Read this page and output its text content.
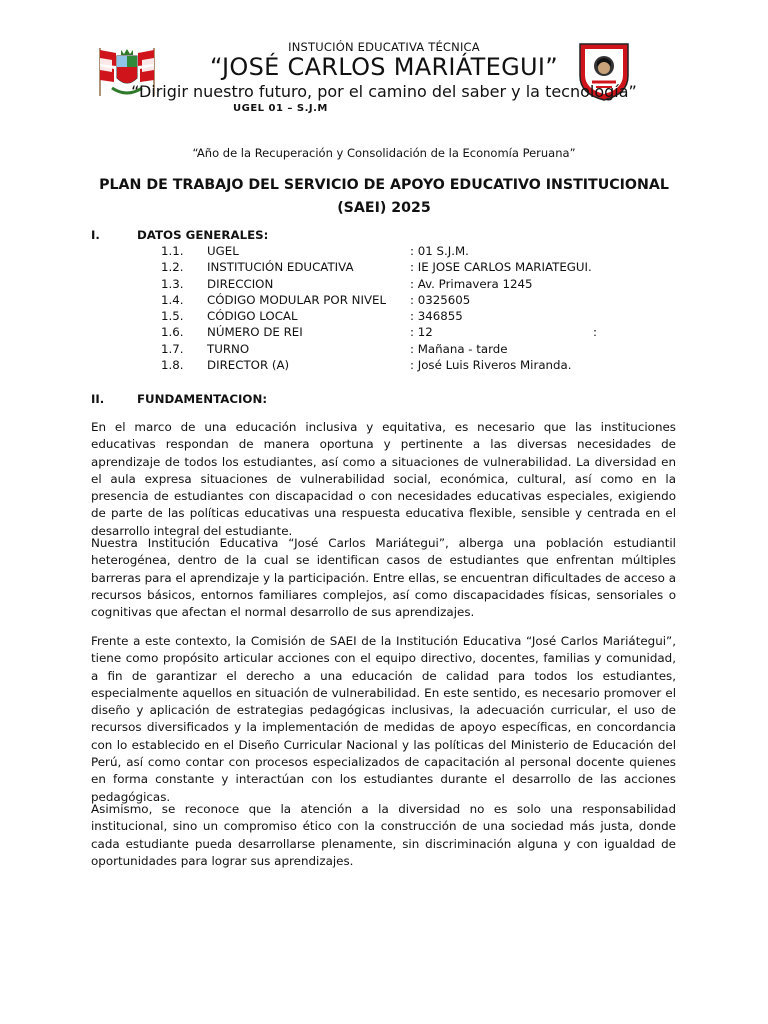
INSTUCIÓN EDUCATIVA TÉCNICA
“JOSÉ CARLOS MARIÁTEGUI”
“Dirigir nuestro futuro, por el camino del saber y la tecnología”
UGEL 01 – S.J.M
“Año de la Recuperación y Consolidación de la Economía Peruana”
PLAN DE TRABAJO DEL SERVICIO DE APOYO EDUCATIVO INSTITUCIONAL
(SAEI) 2025
I.	DATOS GENERALES:
1.1. UGEL	: 01 S.J.M.
1.2. INSTITUCIÓN EDUCATIVA	: IE JOSE CARLOS MARIATEGUI.
1.3. DIRECCION	: Av. Primavera 1245
1.4. CÓDIGO MODULAR POR NIVEL : 0325605
1.5. CÓDIGO LOCAL	: 346855
1.6. NÚMERO DE REI	: 12	:
1.7. TURNO	: Mañana - tarde
1.8. DIRECTOR (A)	: José Luis Riveros Miranda.
II.	FUNDAMENTACION:

En el marco de una educación inclusiva y equitativa, es necesario que las instituciones educativas respondan de manera oportuna y pertinente a las diversas necesidades de aprendizaje de todos los estudiantes, así como a situaciones de vulnerabilidad. La diversidad en el aula expresa situaciones de vulnerabilidad social, económica, cultural, así como en la presencia de estudiantes con discapacidad o con necesidades educativas especiales, exigiendo de parte de las políticas educativas una respuesta educativa flexible, sensible y centrada en el desarrollo integral del estudiante.

Nuestra Institución Educativa “José Carlos Mariátegui”, alberga una población estudiantil heterogénea, dentro de la cual se identifican casos de estudiantes que enfrentan múltiples barreras para el aprendizaje y la participación. Entre ellas, se encuentran dificultades de acceso a recursos básicos, entornos familiares complejos, así como discapacidades físicas, sensoriales o cognitivas que afectan el normal desarrollo de sus aprendizajes.

Frente a este contexto, la Comisión de SAEI de la Institución Educativa “José Carlos Mariátegui”, tiene como propósito articular acciones con el equipo directivo, docentes, familias y comunidad, a fin de garantizar el derecho a una educación de calidad para todos los estudiantes, especialmente aquellos en situación de vulnerabilidad. En este sentido, es necesario promover el diseño y aplicación de estrategias pedagógicas inclusivas, la adecuación curricular, el uso de recursos diversificados y la implementación de medidas de apoyo específicas, en concordancia con lo establecido en el Diseño Curricular Nacional y las políticas del Ministerio de Educación del Perú, así como contar con procesos especializados de capacitación al personal docente quienes en forma constante y interactúan con los estudiantes durante el desarrollo de las acciones pedagógicas.

Asimismo, se reconoce que la atención a la diversidad no es solo una responsabilidad institucional, sino un compromiso ético con la construcción de una sociedad más justa, donde cada estudiante pueda desarrollarse plenamente, sin discriminación alguna y con igualdad de oportunidades para lograr sus aprendizajes.
